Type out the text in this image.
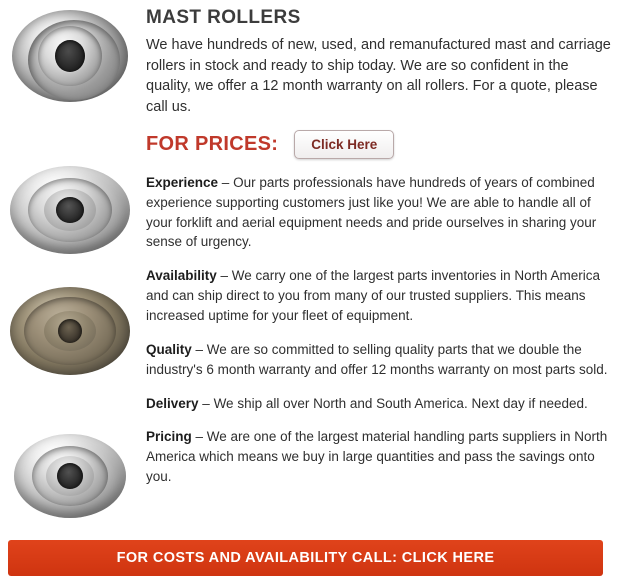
MAST ROLLERS

We have hundreds of new, used, and remanufactured mast and carriage rollers in stock and ready to ship today. We are so confident in the quality, we offer a 12 month warranty on all rollers. For a quote, please call us.

FOR PRICES:	Click Here

Experience – Our parts professionals have hundreds of years of combined experience supporting customers just like you! We are able to handle all of your forklift and aerial equipment needs and pride ourselves in sharing your sense of urgency.

Availability – We carry one of the largest parts inventories in North America and can ship direct to you from many of our trusted suppliers. This means increased uptime for your fleet of equipment.

Quality – We are so committed to selling quality parts that we double the industry's 6 month warranty and offer 12 months warranty on most parts sold.

Delivery – We ship all over North and South America. Next day if needed.

Pricing – We are one of the largest material handling parts suppliers in North America which means we buy in large quantities and pass the savings onto you.

FOR COSTS AND AVAILABILITY CALL: CLICK HERE
